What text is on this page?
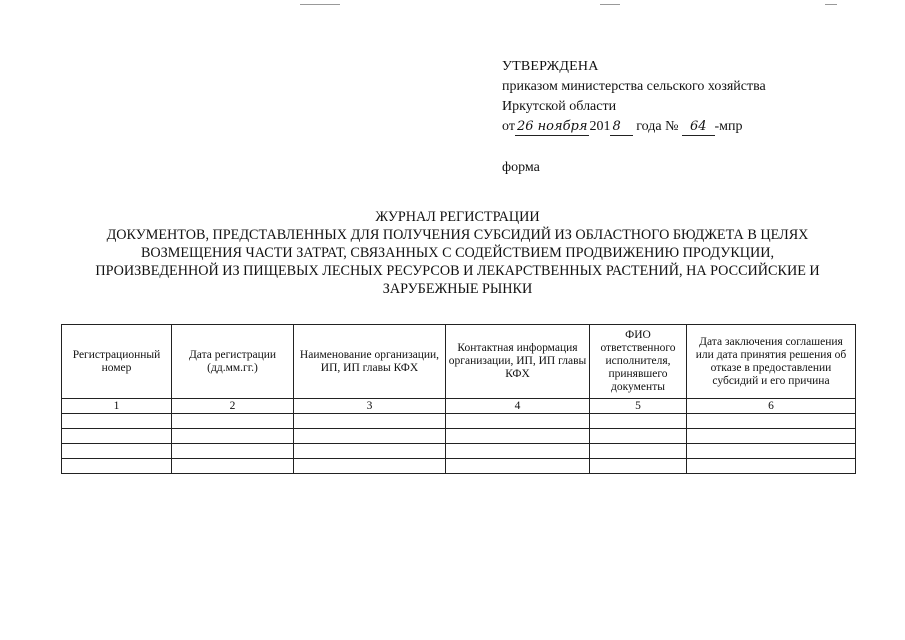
УТВЕРЖДЕНА
приказом министерства сельского хозяйства
Иркутской области
от 26 ноября 201 8 года № 64 -мпр
форма
ЖУРНАЛ РЕГИСТРАЦИИ
ДОКУМЕНТОВ, ПРЕДСТАВЛЕННЫХ ДЛЯ ПОЛУЧЕНИЯ СУБСИДИЙ ИЗ ОБЛАСТНОГО БЮДЖЕТА В ЦЕЛЯХ
ВОЗМЕЩЕНИЯ ЧАСТИ ЗАТРАТ, СВЯЗАННЫХ С СОДЕЙСТВИЕМ ПРОДВИЖЕНИЮ ПРОДУКЦИИ,
ПРОИЗВЕДЕННОЙ ИЗ ПИЩЕВЫХ ЛЕСНЫХ РЕСУРСОВ И ЛЕКАРСТВЕННЫХ РАСТЕНИЙ, НА РОССИЙСКИЕ И
ЗАРУБЕЖНЫЕ РЫНКИ
Регистрационный номер	Дата регистрации (дд.мм.гг.)	Наименование организации, ИП, ИП главы КФХ	Контактная информация организации, ИП, ИП главы КФХ	ФИО ответственного исполнителя, принявшего документы	Дата заключения соглашения или дата принятия решения об отказе в предоставлении субсидий и его причина
1	2	3	4	5	6
